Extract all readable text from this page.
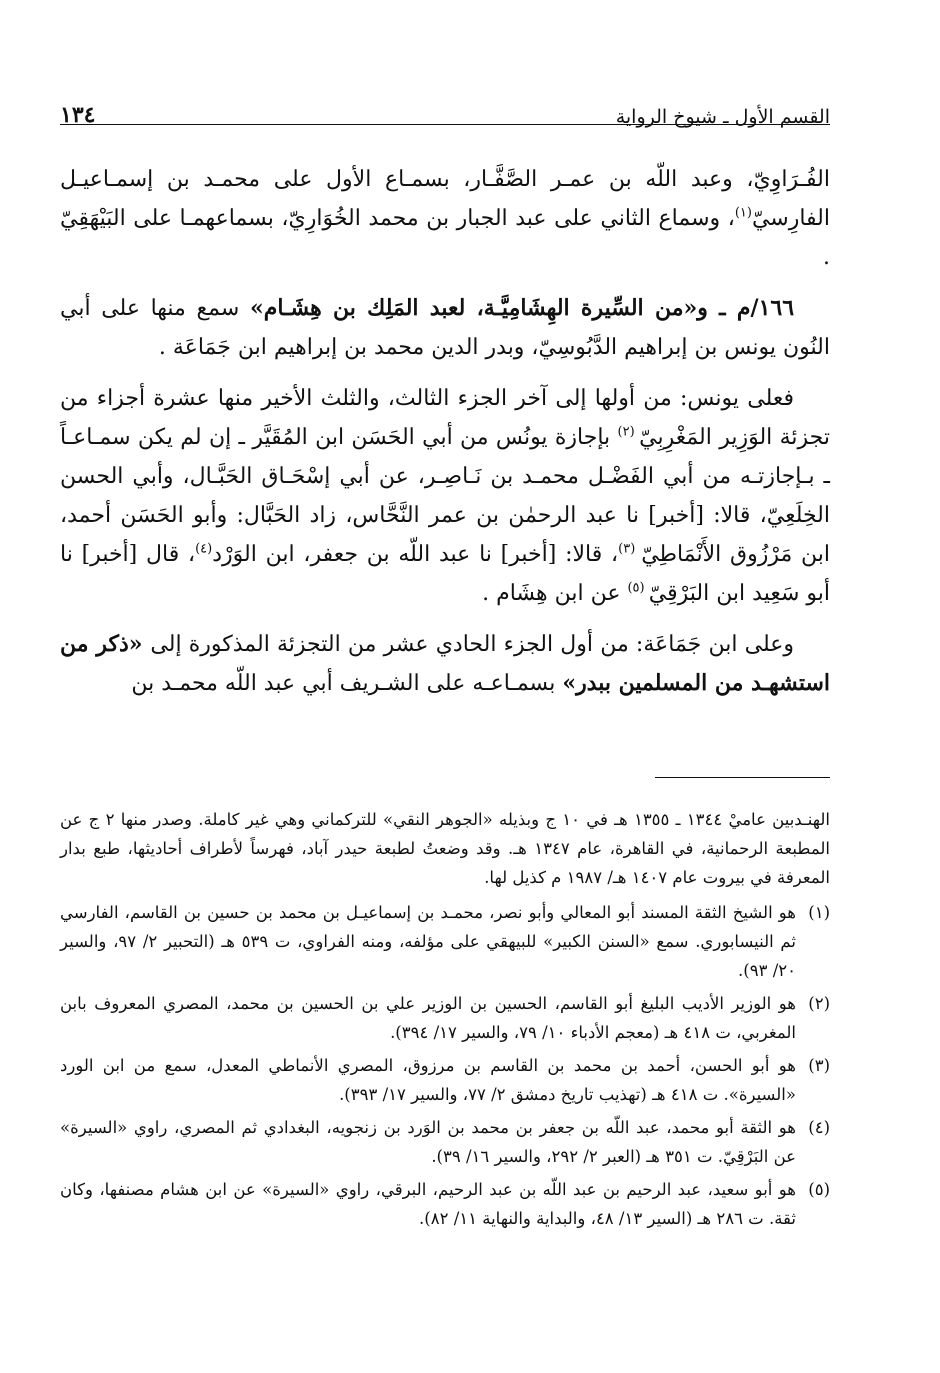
القسم الأول ـ شيوخ الرواية
١٣٤

الفُـرَاوِيّ، وعبد اللّه بن عمـر الصَّفَّـار، بسمـاع الأول على محمـد بن إسمـاعيـل الفارِسيّ$^{(١)}$، وسماع الثاني على عبد الجبار بن محمد الخُوَارِيّ، بسماعهمـا على البَيْهَقِيّ .

١٦٦/م ـ و«من السِّيرة الهِشَامِيَّـة، لعبد المَلِك بن هِشَـام» سمع منها على أبي النُون يونس بن إبراهيم الدَّبُوسِيّ، وبدر الدين محمد بن إبراهيم ابن جَمَاعَة .

فعلى يونس: من أولها إلى آخر الجزء الثالث، والثلث الأخير منها عشرة أجزاء من تجزئة الوَزِير المَغْرِبِيّ $^{(٢)}$ بإجازة يونُس من أبي الحَسَن ابن المُقَيَّر ـ إن لم يكن سمـاعـاً ـ بـإجازتـه من أبي الفَضْـل محمـد بن نَـاصِـر، عن أبي إسْحَـاق الحَبَّـال، وأبي الحسن الخِلَعِيّ، قالا: [أخبر] نا عبد الرحمٰن بن عمر النَّحَّاس، زاد الحَبَّال: وأبو الحَسَن أحمد، ابن مَرْزُوق الأَنْمَاطِيّ $^{(٣)}$، قالا: [أخبر] نا عبد اللّه بن جعفر، ابن الوَرْد$^{(٤)}$، قال [أخبر] نا أبو سَعِيد ابن البَرْقِيّ $^{(٥)}$ عن ابن هِشَام .

وعلى ابن جَمَاعَة: من أول الجزء الحادي عشر من التجزئة المذكورة إلى «ذكر من استشهـد من المسلمين ببدر» بسمـاعـه على الشـريف أبي عبد اللّه محمـد بن

الهنـدبين عاميْ ١٣٤٤ ـ ١٣٥٥ هـ في ١٠ ج وبذيله «الجوهر النقي» للتركماني وهي غير كاملة. وصدر منها ٢ ج عن المطبعة الرحمانية، في القاهرة، عام ١٣٤٧ هـ. وقد وضعتُ لطبعة حيدر آباد، فهرساً لأطراف أحاديثها، طبع بدار المعرفة في بيروت عام ١٤٠٧ هـ/ ١٩٨٧ م كذيل لها.

(١)
هو الشيخ الثقة المسند أبو المعالي وأبو نصر، محمـد بن إسماعيـل بن محمد بن حسين بن القاسم، الفارسي ثم النيسابوري. سمع «السنن الكبير» للبيهقي على مؤلفه، ومنه الفراوي، ت ٥٣٩ هـ (التحبير ٢/ ٩٧، والسير ٢٠/ ٩٣).
(٢)
هو الوزير الأديب البليغ أبو القاسم، الحسين بن الوزير علي بن الحسين بن محمد، المصري المعروف بابن المغربي، ت ٤١٨ هـ (معجم الأدباء ١٠/ ٧٩، والسير ١٧/ ٣٩٤).
(٣)
هو أبو الحسن، أحمد بن محمد بن القاسم بن مرزوق، المصري الأنماطي المعدل، سمع من ابن الورد «السيرة». ت ٤١٨ هـ (تهذيب تاريخ دمشق ٢/ ٧٧، والسير ١٧/ ٣٩٣).
(٤)
هو الثقة أبو محمد، عبد اللّه بن جعفر بن محمد بن الوَرد بن زنجويه، البغدادي ثم المصري، راوي «السيرة» عن البَرْقِيّ. ت ٣٥١ هـ (العبر ٢/ ٢٩٢، والسير ١٦/ ٣٩).
(٥)
هو أبو سعيد، عبد الرحيم بن عبد اللّه بن عبد الرحيم، البرقي، راوي «السيرة» عن ابن هشام مصنفها، وكان ثقة. ت ٢٨٦ هـ (السير ١٣/ ٤٨، والبداية والنهاية ١١/ ٨٢).
